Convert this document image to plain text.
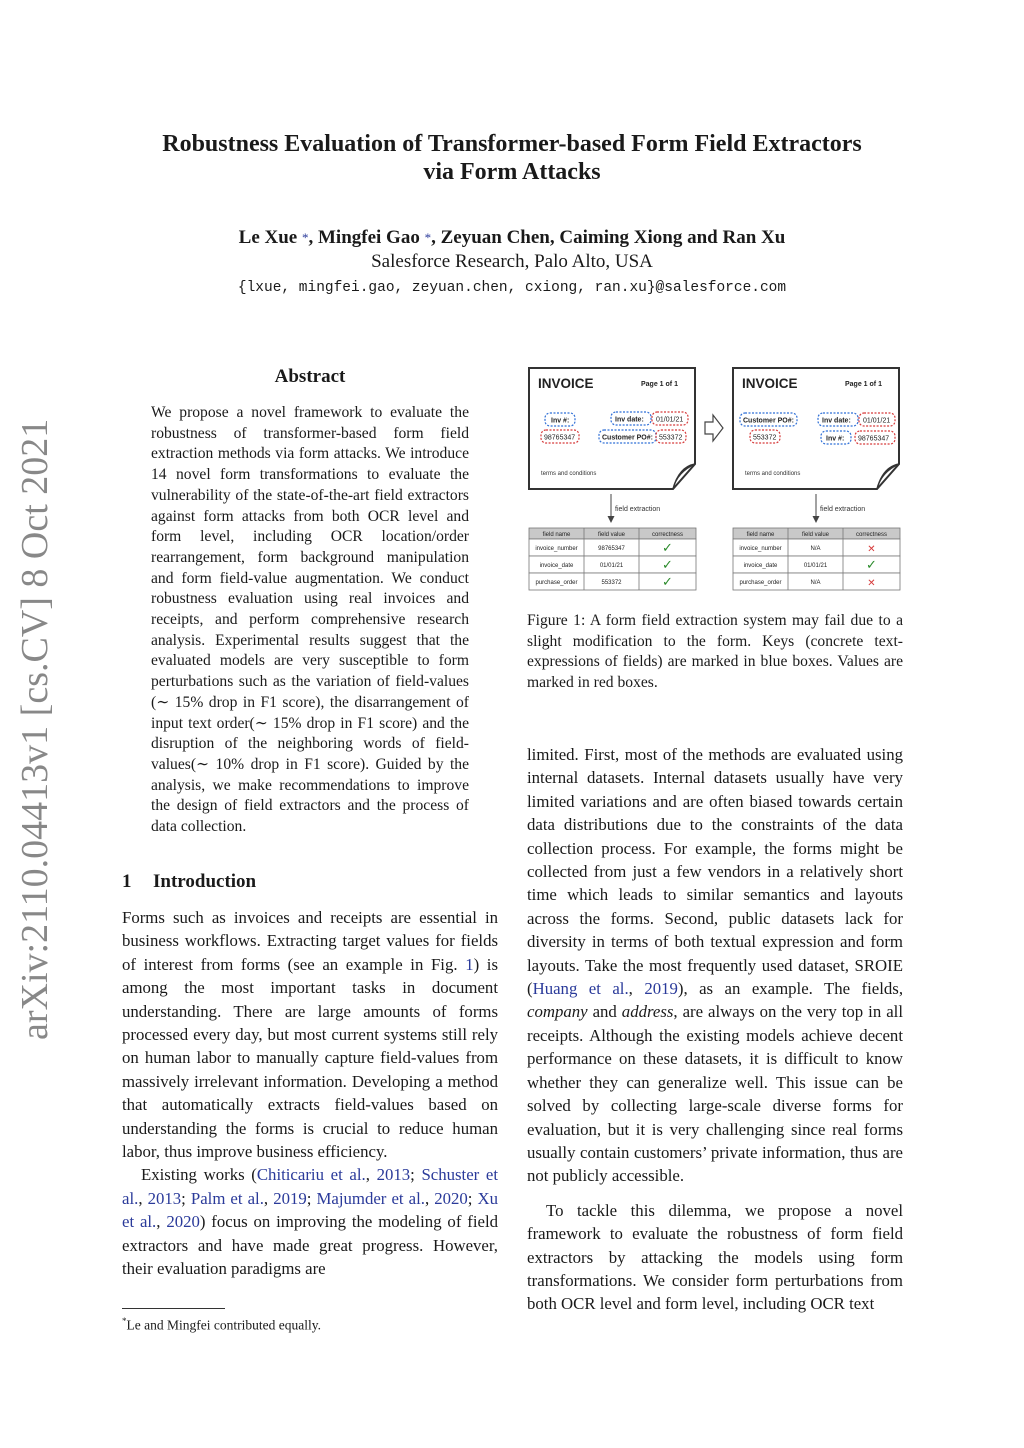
arXiv:2110.04413v1 [cs.CV] 8 Oct 2021
Robustness Evaluation of Transformer-based Form Field Extractors
via Form Attacks
Le Xue *, Mingfei Gao *, Zeyuan Chen, Caiming Xiong and Ran Xu
Salesforce Research, Palo Alto, USA
{lxue, mingfei.gao, zeyuan.chen, cxiong, ran.xu}@salesforce.com
Abstract

We propose a novel framework to evaluate the robustness of transformer-based form field extraction methods via form attacks. We introduce 14 novel form transformations to evaluate the vulnerability of the state-of-the-art field extractors against form attacks from both OCR level and form level, including OCR location/order rearrangement, form background manipulation and form field-value augmentation. We conduct robustness evaluation using real invoices and receipts, and perform comprehensive research analysis. Experimental results suggest that the evaluated models are very susceptible to form perturbations such as the variation of field-values (∼ 15% drop in F1 score), the disarrangement of input text order(∼ 15% drop in F1 score) and the disruption of the neighboring words of field-values(∼ 10% drop in F1 score). Guided by the analysis, we make recommendations to improve the design of field extractors and the process of data collection.

1 Introduction

Forms such as invoices and receipts are essential in business workflows. Extracting target values for fields of interest from forms (see an example in Fig. 1) is among the most important tasks in document understanding. There are large amounts of forms processed every day, but most current systems still rely on human labor to manually capture field-values from massively irrelevant information. Developing a method that automatically extracts field-values based on understanding the forms is crucial to reduce human labor, thus improve business efficiency.

Existing works (Chiticariu et al., 2013; Schuster et al., 2013; Palm et al., 2019; Majumder et al., 2020; Xu et al., 2020) focus on improving the modeling of field extractors and have made great progress. However, their evaluation paradigms are

*Le and Mingfei contributed equally.

INVOICE	Page 1 of 1
Inv #:
98765347
Inv date: 01/01/21
Customer PO#: 553372
terms and conditions
INVOICE	Page 1 of 1
Customer PO#:
553372
Inv date: 01/01/21
Inv #: 98765347
terms and conditions
field extraction	field extraction
field name	field value	correctness
invoice_number	98765347	✓
invoice_date	01/01/21	✓
purchase_order	553372	✓
field name	field value	correctness
invoice_number	N/A	✕
invoice_date	01/01/21	✓
purchase_order	N/A	✕

Figure 1: A form field extraction system may fail due to a slight modification to the form. Keys (concrete text-expressions of fields) are marked in blue boxes. Values are marked in red boxes.

limited. First, most of the methods are evaluated using internal datasets. Internal datasets usually have very limited variations and are often biased towards certain data distributions due to the constraints of the data collection process. For example, the forms might be collected from just a few vendors in a relatively short time which leads to similar semantics and layouts across the forms. Second, public datasets lack for diversity in terms of both textual expression and form layouts. Take the most frequently used dataset, SROIE (Huang et al., 2019), as an example. The fields, company and address, are always on the very top in all receipts. Although the existing models achieve decent performance on these datasets, it is difficult to know whether they can generalize well. This issue can be solved by collecting large-scale diverse forms for evaluation, but it is very challenging since real forms usually contain customers’ private information, thus are not publicly accessible.

To tackle this dilemma, we propose a novel framework to evaluate the robustness of form field extractors by attacking the models using form transformations. We consider form perturbations from both OCR level and form level, including OCR text
